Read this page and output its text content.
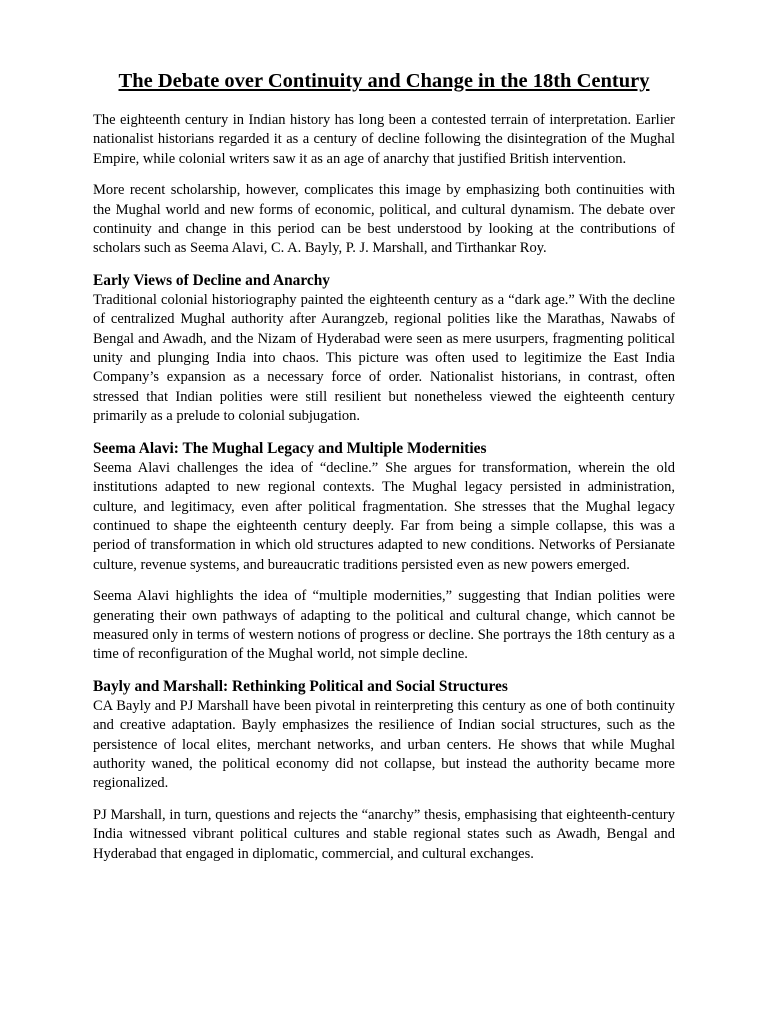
The Debate over Continuity and Change in the 18th Century

The eighteenth century in Indian history has long been a contested terrain of interpretation. Earlier nationalist historians regarded it as a century of decline following the disintegration of the Mughal Empire, while colonial writers saw it as an age of anarchy that justified British intervention.

More recent scholarship, however, complicates this image by emphasizing both continuities with the Mughal world and new forms of economic, political, and cultural dynamism. The debate over continuity and change in this period can be best understood by looking at the contributions of scholars such as Seema Alavi, C. A. Bayly, P. J. Marshall, and Tirthankar Roy.

Early Views of Decline and Anarchy

Traditional colonial historiography painted the eighteenth century as a “dark age.” With the decline of centralized Mughal authority after Aurangzeb, regional polities like the Marathas, Nawabs of Bengal and Awadh, and the Nizam of Hyderabad were seen as mere usurpers, fragmenting political unity and plunging India into chaos. This picture was often used to legitimize the East India Company’s expansion as a necessary force of order. Nationalist historians, in contrast, often stressed that Indian polities were still resilient but nonetheless viewed the eighteenth century primarily as a prelude to colonial subjugation.

Seema Alavi: The Mughal Legacy and Multiple Modernities

Seema Alavi challenges the idea of “decline.” She argues for transformation, wherein the old institutions adapted to new regional contexts. The Mughal legacy persisted in administration, culture, and legitimacy, even after political fragmentation. She stresses that the Mughal legacy continued to shape the eighteenth century deeply. Far from being a simple collapse, this was a period of transformation in which old structures adapted to new conditions. Networks of Persianate culture, revenue systems, and bureaucratic traditions persisted even as new powers emerged.

Seema Alavi highlights the idea of “multiple modernities,” suggesting that Indian polities were generating their own pathways of adapting to the political and cultural change, which cannot be measured only in terms of western notions of progress or decline. She portrays the 18th century as a time of reconfiguration of the Mughal world, not simple decline.

Bayly and Marshall: Rethinking Political and Social Structures

CA Bayly and PJ Marshall have been pivotal in reinterpreting this century as one of both continuity and creative adaptation. Bayly emphasizes the resilience of Indian social structures, such as the persistence of local elites, merchant networks, and urban centers. He shows that while Mughal authority waned, the political economy did not collapse, but instead the authority became more regionalized.

PJ Marshall, in turn, questions and rejects the “anarchy” thesis, emphasising that eighteenth-century India witnessed vibrant political cultures and stable regional states such as Awadh, Bengal and Hyderabad that engaged in diplomatic, commercial, and cultural exchanges.
